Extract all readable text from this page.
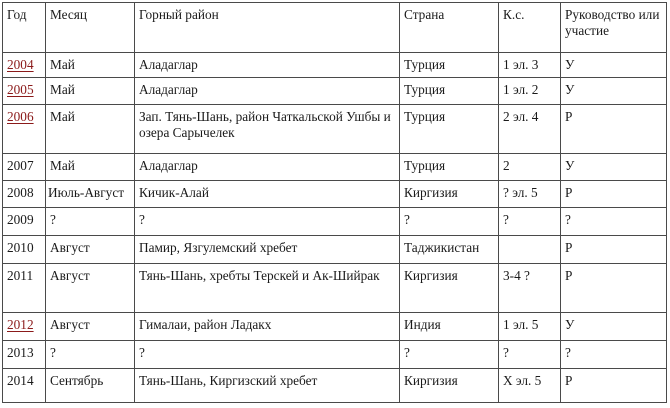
Год	Месяц	Горный район	Страна	К.с.	Руководство или участие
2004	Май	Аладаглар	Турция	1 эл. 3	У
2005	Май	Аладаглар	Турция	1 эл. 2	У
2006	Май	Зап. Тянь-Шань, район Чаткальской Ушбы и озера Сарычелек	Турция	2 эл. 4	Р
2007	Май	Аладаглар	Турция	2	У
2008	Июль-Август	Кичик-Алай	Киргизия	? эл. 5	Р
2009	?	?	?	?	?
2010	Август	Памир, Язгулемский хребет	Таджикистан		Р
2011	Август	Тянь-Шань, хребты Терскей и Ак-Шийрак	Киргизия	3-4 ?	Р
2012	Август	Гималаи, район Ладакх	Индия	1 эл. 5	У
2013	?	?	?	?	?
2014	Сентябрь	Тянь-Шань, Киргизский хребет	Киргизия	Х эл. 5	Р
